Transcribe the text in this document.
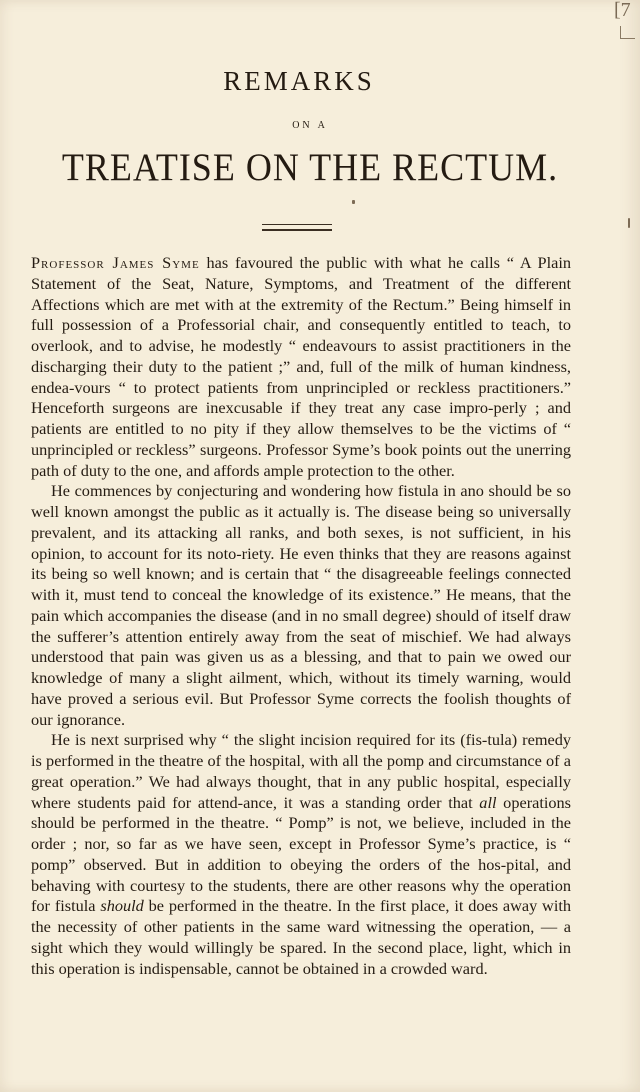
[7
REMARKS
ON A
TREATISE ON THE RECTUM.

Professor James Syme has favoured the public with what he calls “ A Plain Statement of the Seat, Nature, Symptoms, and Treatment of the different Affections which are met with at the extremity of the Rectum.” Being himself in full possession of a Professorial chair, and consequently entitled to teach, to overlook, and to advise, he modestly “ endeavours to assist practitioners in the discharging their duty to the patient ;” and, full of the milk of human kindness, endea-vours “ to protect patients from unprincipled or reckless practitioners.” Henceforth surgeons are inexcusable if they treat any case impro-perly ; and patients are entitled to no pity if they allow themselves to be the victims of “ unprincipled or reckless” surgeons. Professor Syme’s book points out the unerring path of duty to the one, and affords ample protection to the other.

He commences by conjecturing and wondering how fistula in ano should be so well known amongst the public as it actually is. The disease being so universally prevalent, and its attacking all ranks, and both sexes, is not sufficient, in his opinion, to account for its noto-riety. He even thinks that they are reasons against its being so well known; and is certain that “ the disagreeable feelings connected with it, must tend to conceal the knowledge of its existence.” He means, that the pain which accompanies the disease (and in no small degree) should of itself draw the sufferer’s attention entirely away from the seat of mischief. We had always understood that pain was given us as a blessing, and that to pain we owed our knowledge of many a slight ailment, which, without its timely warning, would have proved a serious evil. But Professor Syme corrects the foolish thoughts of our ignorance.

He is next surprised why “ the slight incision required for its (fis-tula) remedy is performed in the theatre of the hospital, with all the pomp and circumstance of a great operation.” We had always thought, that in any public hospital, especially where students paid for attend-ance, it was a standing order that all operations should be performed in the theatre. “ Pomp” is not, we believe, included in the order ; nor, so far as we have seen, except in Professor Syme’s practice, is “ pomp” observed. But in addition to obeying the orders of the hos-pital, and behaving with courtesy to the students, there are other reasons why the operation for fistula should be performed in the theatre. In the first place, it does away with the necessity of other patients in the same ward witnessing the operation, — a sight which they would willingly be spared. In the second place, light, which in this operation is indispensable, cannot be obtained in a crowded ward.
